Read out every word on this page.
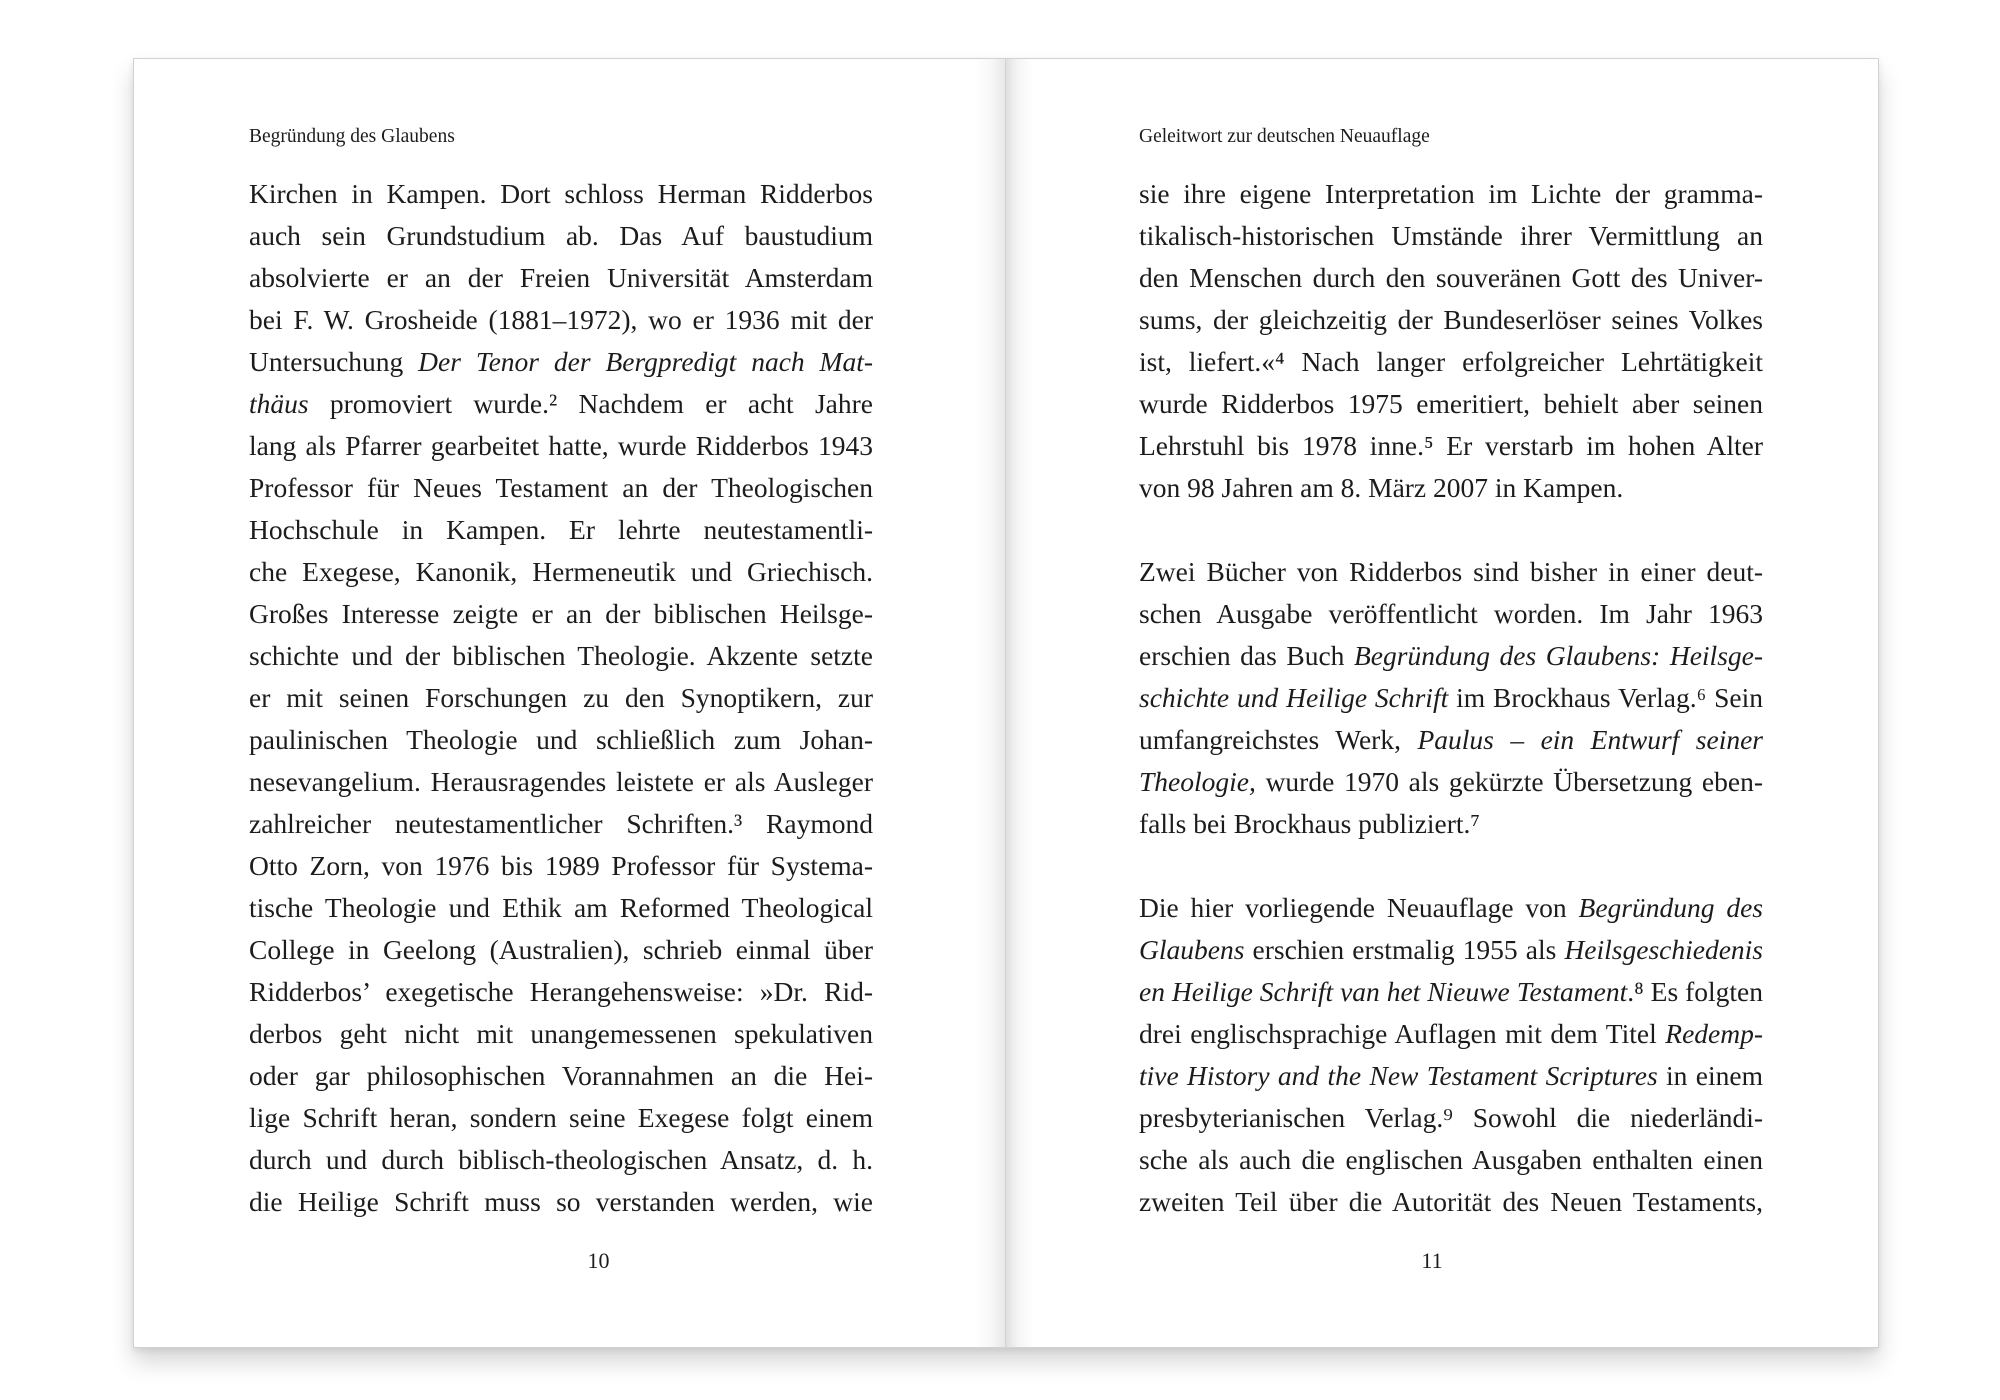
Begründung des Glaubens
Kirchen in Kampen. Dort schloss Herman Ridderbos
auch sein Grundstudium ab. Das Auf baustudium
absolvierte er an der Freien Universität Amsterdam
bei F. W. Grosheide (1881–1972), wo er 1936 mit der
Untersuchung Der Tenor der Bergpredigt nach Mat-
thäus promoviert wurde.² Nachdem er acht Jahre
lang als Pfarrer gearbeitet hatte, wurde Ridderbos 1943
Professor für Neues Testament an der Theologischen
Hochschule in Kampen. Er lehrte neutestamentli-
che Exegese, Kanonik, Hermeneutik und Griechisch.
Großes Interesse zeigte er an der biblischen Heilsge-
schichte und der biblischen Theologie. Akzente setzte
er mit seinen Forschungen zu den Synoptikern, zur
paulinischen Theologie und schließlich zum Johan-
nesevangelium. Herausragendes leistete er als Ausleger
zahlreicher neutestamentlicher Schriften.³ Raymond
Otto Zorn, von 1976 bis 1989 Professor für Systema-
tische Theologie und Ethik am Reformed Theological
College in Geelong (Australien), schrieb einmal über
Ridderbos’ exegetische Herangehensweise: »Dr. Rid-
derbos geht nicht mit unangemessenen spekulativen
oder gar philosophischen Vorannahmen an die Hei-
lige Schrift heran, sondern seine Exegese folgt einem
durch und durch biblisch-theologischen Ansatz, d. h.
die Heilige Schrift muss so verstanden werden, wie
10
Geleitwort zur deutschen Neuauflage
sie ihre eigene Interpretation im Lichte der gramma-
tikalisch-historischen Umstände ihrer Vermittlung an
den Menschen durch den souveränen Gott des Univer-
sums, der gleichzeitig der Bundeserlöser seines Volkes
ist, liefert.«⁴ Nach langer erfolgreicher Lehrtätigkeit
wurde Ridderbos 1975 emeritiert, behielt aber seinen
Lehrstuhl bis 1978 inne.⁵ Er verstarb im hohen Alter
von 98 Jahren am 8. März 2007 in Kampen.
Zwei Bücher von Ridderbos sind bisher in einer deut-
schen Ausgabe veröffentlicht worden. Im Jahr 1963
erschien das Buch Begründung des Glaubens: Heilsge-
schichte und Heilige Schrift im Brockhaus Verlag.⁶ Sein
umfangreichstes Werk, Paulus – ein Entwurf seiner
Theologie, wurde 1970 als gekürzte Übersetzung eben-
falls bei Brockhaus publiziert.⁷
Die hier vorliegende Neuauflage von Begründung des
Glaubens erschien erstmalig 1955 als Heilsgeschiedenis
en Heilige Schrift van het Nieuwe Testament.⁸ Es folgten
drei englischsprachige Auflagen mit dem Titel Redemp-
tive History and the New Testament Scriptures in einem
presbyterianischen Verlag.⁹ Sowohl die niederländi-
sche als auch die englischen Ausgaben enthalten einen
zweiten Teil über die Autorität des Neuen Testaments,
11
